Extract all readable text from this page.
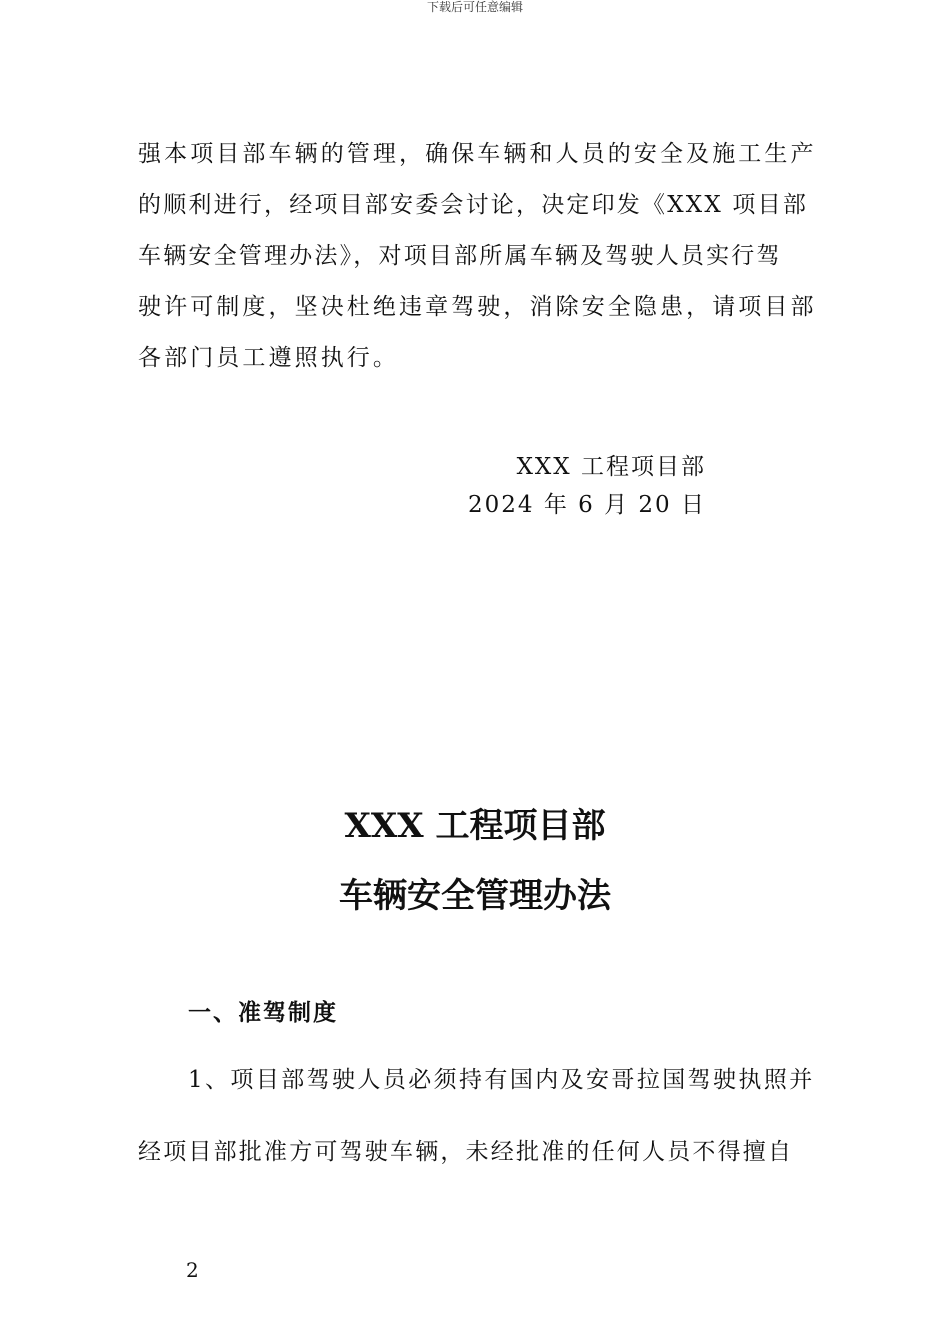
下载后可任意编辑
强本项目部车辆的管理，确保车辆和人员的安全及施工生产
的顺利进行，经项目部安委会讨论，决定印发《XXX 项目部
车辆安全管理办法》，对项目部所属车辆及驾驶人员实行驾
驶许可制度，坚决杜绝违章驾驶，消除安全隐患，请项目部
各部门员工遵照执行。
XXX 工程项目部
2024 年 6 月 20 日
XXX 工程项目部
车辆安全管理办法
一、准驾制度
1、项目部驾驶人员必须持有国内及安哥拉国驾驶执照并
经项目部批准方可驾驶车辆，未经批准的任何人员不得擅自
2
